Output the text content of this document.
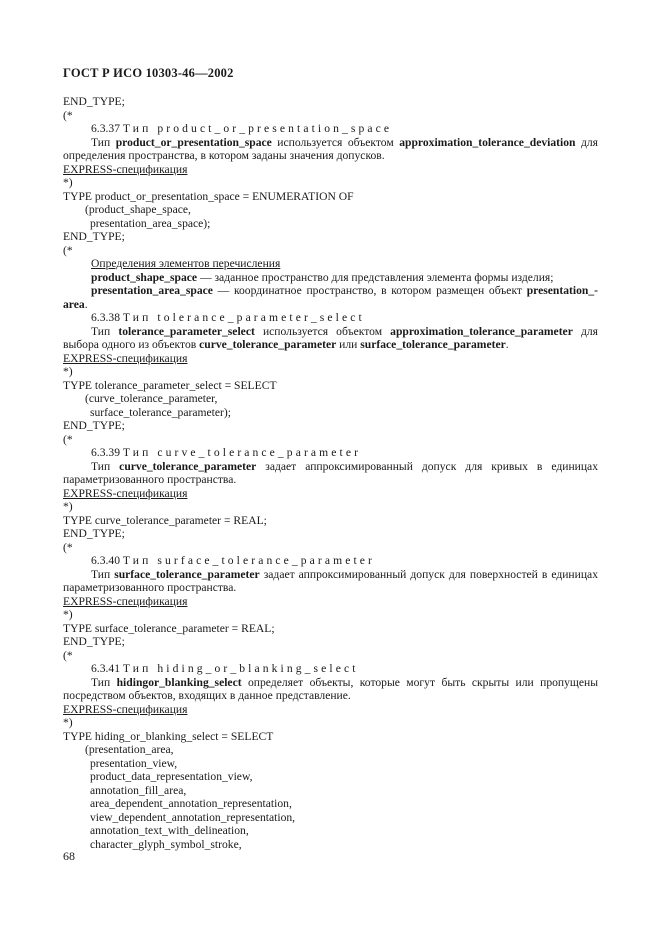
ГОСТ Р ИСО 10303-46—2002

END_TYPE;

(*

6.3.37 Тип product_or_presentation_space

Тип product_or_presentation_space используется объектом approximation_tolerance_deviation для определения пространства, в котором заданы значения допусков.

EXPRESS-спецификация

*)

TYPE product_or_presentation_space = ENUMERATION OF

(product_shape_space,

presentation_area_space);

END_TYPE;

(*

Определения элементов перечисления

product_shape_space — заданное пространство для представления элемента формы изделия;

presentation_area_space — координатное пространство, в котором размещен объект presentation_-area.

6.3.38 Тип tolerance_parameter_select

Тип tolerance_parameter_select используется объектом approximation_tolerance_parameter для выбора одного из объектов curve_tolerance_parameter или surface_tolerance_parameter.

EXPRESS-спецификация

*)

TYPE tolerance_parameter_select = SELECT

(curve_tolerance_parameter,

surface_tolerance_parameter);

END_TYPE;

(*

6.3.39 Тип curve_tolerance_parameter

Тип curve_tolerance_parameter задает аппроксимированный допуск для кривых в единицах параметризованного пространства.

EXPRESS-спецификация

*)

TYPE curve_tolerance_parameter = REAL;

END_TYPE;

(*

6.3.40 Тип surface_tolerance_parameter

Тип surface_tolerance_parameter задает аппроксимированный допуск для поверхностей в единицах параметризованного пространства.

EXPRESS-спецификация

*)

TYPE surface_tolerance_parameter = REAL;

END_TYPE;

(*

6.3.41 Тип hiding_or_blanking_select

Тип hidingor_blanking_select определяет объекты, которые могут быть скрыты или пропущены посредством объектов, входящих в данное представление.

EXPRESS-спецификация

*)

TYPE hiding_or_blanking_select = SELECT

(presentation_area,

presentation_view,

product_data_representation_view,

annotation_fill_area,

area_dependent_annotation_representation,

view_dependent_annotation_representation,

annotation_text_with_delineation,

character_glyph_symbol_stroke,

68
